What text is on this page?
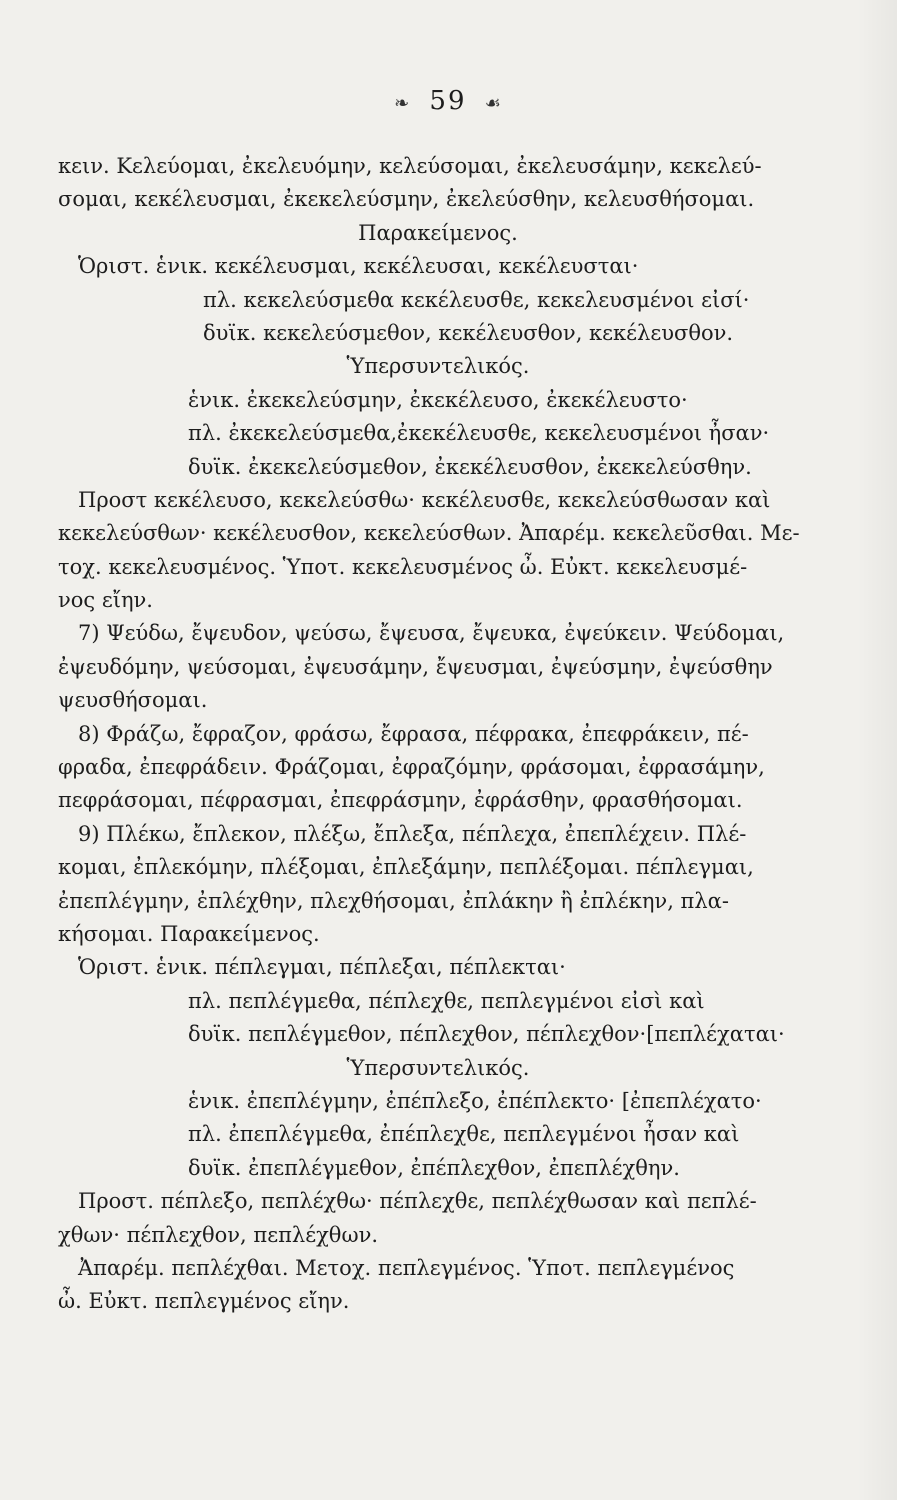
❧ 59 ☙
κειν. Κελεύομαι, ἐκελευόμην, κελεύσομαι, ἐκελευσάμην, κεκελεύ-
σομαι, κεκέλευσμαι, ἐκεκελεύσμην, ἐκελεύσθην, κελευσθήσομαι.
Παρακείμενος.
Ὁριστ. ἑνικ. κεκέλευσμαι, κεκέλευσαι, κεκέλευσται·
πλ. κεκελεύσμεθα κεκέλευσθε, κεκελευσμένοι εἰσί·
δυϊκ. κεκελεύσμεθον, κεκέλευσθον, κεκέλευσθον.
Ὑπερσυντελικός.
ἑνικ. ἐκεκελεύσμην, ἐκεκέλευσο, ἐκεκέλευστο·
πλ. ἐκεκελεύσμεθα,ἐκεκέλευσθε, κεκελευσμένοι ἦσαν·
δυϊκ. ἐκεκελεύσμεθον, ἐκεκέλευσθον, ἐκεκελεύσθην.
Προστ κεκέλευσο, κεκελεύσθω· κεκέλευσθε, κεκελεύσθωσαν καὶ
κεκελεύσθων· κεκέλευσθον, κεκελεύσθων. Ἀπαρέμ. κεκελεῦσθαι. Με-
τοχ. κεκελευσμένος. Ὑποτ. κεκελευσμένος ὦ. Εὐκτ. κεκελευσμέ-
νος εἴην.
7) Ψεύδω, ἔψευδον, ψεύσω, ἔψευσα, ἔψευκα, ἐψεύκειν. Ψεύδομαι,
ἐψευδόμην, ψεύσομαι, ἐψευσάμην, ἔψευσμαι, ἐψεύσμην, ἐψεύσθην
ψευσθήσομαι.
8) Φράζω, ἔφραζον, φράσω, ἔφρασα, πέφρακα, ἐπεφράκειν, πέ-
φραδα, ἐπεφράδειν. Φράζομαι, ἐφραζόμην, φράσομαι, ἐφρασάμην,
πεφράσομαι, πέφρασμαι, ἐπεφράσμην, ἐφράσθην, φρασθήσομαι.
9) Πλέκω, ἔπλεκον, πλέξω, ἔπλεξα, πέπλεχα, ἐπεπλέχειν. Πλέ-
κομαι, ἐπλεκόμην, πλέξομαι, ἐπλεξάμην, πεπλέξομαι. πέπλεγμαι,
ἐπεπλέγμην, ἐπλέχθην, πλεχθήσομαι, ἐπλάκην ἢ ἐπλέκην, πλα-
κήσομαι. Παρακείμενος.
Ὁριστ. ἑνικ. πέπλεγμαι, πέπλεξαι, πέπλεκται·
πλ. πεπλέγμεθα, πέπλεχθε, πεπλεγμένοι εἰσὶ καὶ
δυϊκ. πεπλέγμεθον, πέπλεχθον, πέπλεχθον·[πεπλέχαται·
Ὑπερσυντελικός.
ἑνικ. ἐπεπλέγμην, ἐπέπλεξο, ἐπέπλεκτο· [ἐπεπλέχατο·
πλ. ἐπεπλέγμεθα, ἐπέπλεχθε, πεπλεγμένοι ἦσαν καὶ
δυϊκ. ἐπεπλέγμεθον, ἐπέπλεχθον, ἐπεπλέχθην.
Προστ. πέπλεξο, πεπλέχθω· πέπλεχθε, πεπλέχθωσαν καὶ πεπλέ-
χθων· πέπλεχθον, πεπλέχθων.
Ἀπαρέμ. πεπλέχθαι. Μετοχ. πεπλεγμένος. Ὑποτ. πεπλεγμένος
ὦ. Εὐκτ. πεπλεγμένος εἴην.
